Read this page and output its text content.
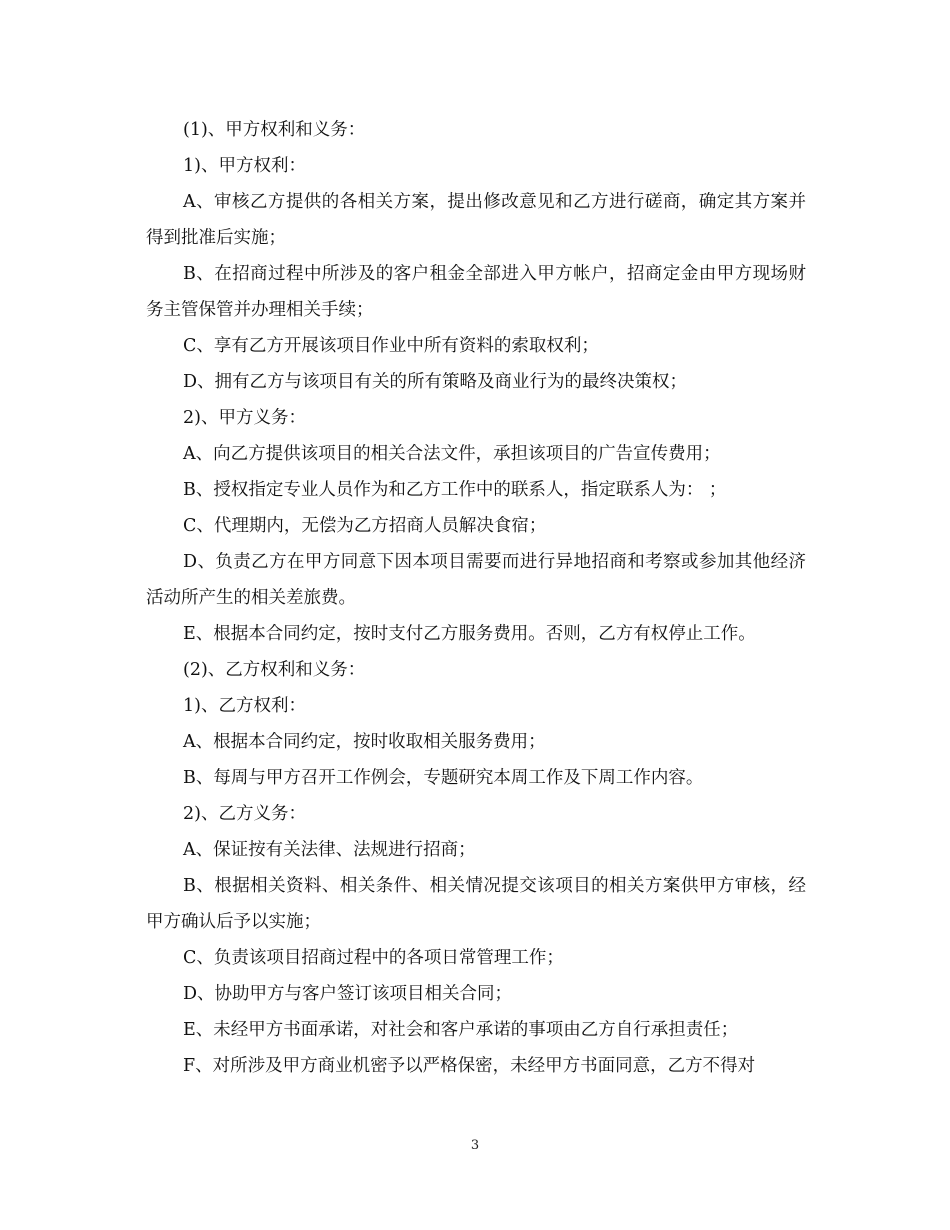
(1)、甲方权利和义务：

1)、甲方权利：

A、审核乙方提供的各相关方案，提出修改意见和乙方进行磋商，确定其方案并得到批准后实施；

B、在招商过程中所涉及的客户租金全部进入甲方帐户，招商定金由甲方现场财务主管保管并办理相关手续；

C、享有乙方开展该项目作业中所有资料的索取权利；

D、拥有乙方与该项目有关的所有策略及商业行为的最终决策权；

2)、甲方义务：

A、向乙方提供该项目的相关合法文件，承担该项目的广告宣传费用；

B、授权指定专业人员作为和乙方工作中的联系人，指定联系人为： ；

C、代理期内，无偿为乙方招商人员解决食宿；

D、负责乙方在甲方同意下因本项目需要而进行异地招商和考察或参加其他经济活动所产生的相关差旅费。

E、根据本合同约定，按时支付乙方服务费用。否则，乙方有权停止工作。

(2)、乙方权利和义务：

1)、乙方权利：

A、根据本合同约定，按时收取相关服务费用；

B、每周与甲方召开工作例会，专题研究本周工作及下周工作内容。

2)、乙方义务：

A、保证按有关法律、法规进行招商；

B、根据相关资料、相关条件、相关情况提交该项目的相关方案供甲方审核，经甲方确认后予以实施；

C、负责该项目招商过程中的各项日常管理工作；

D、协助甲方与客户签订该项目相关合同；

E、未经甲方书面承诺，对社会和客户承诺的事项由乙方自行承担责任；

F、对所涉及甲方商业机密予以严格保密，未经甲方书面同意，乙方不得对

3
